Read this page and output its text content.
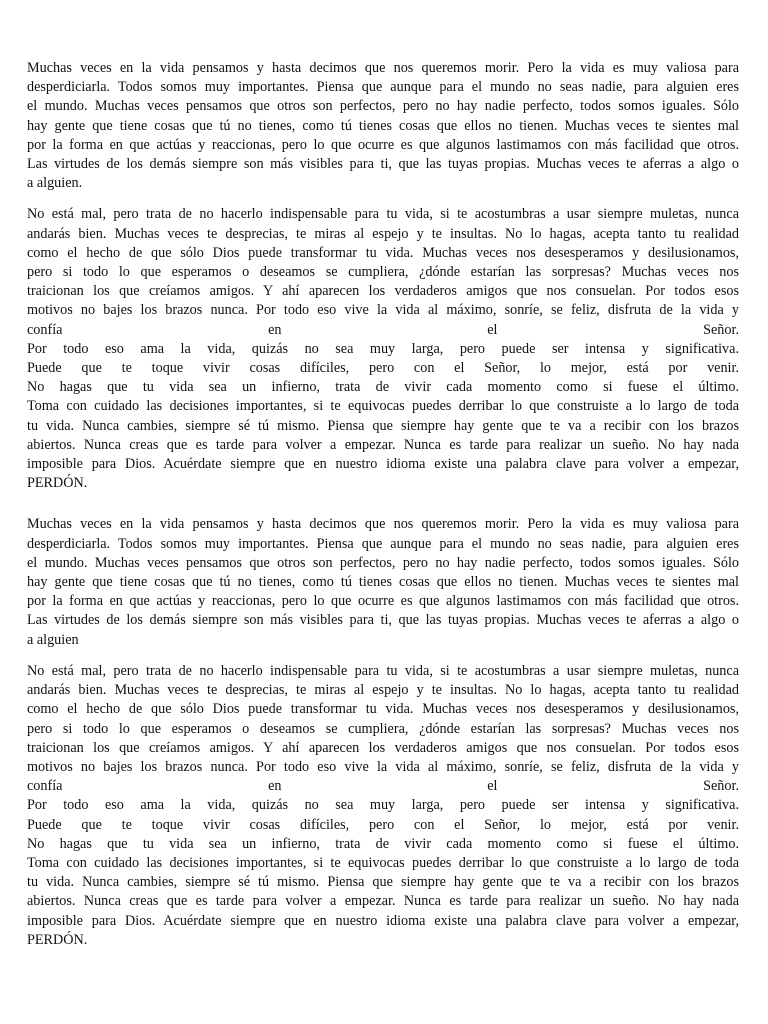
Muchas veces en la vida pensamos y hasta decimos que nos queremos morir. Pero la vida es muy valiosa para
desperdiciarla. Todos somos muy importantes. Piensa que aunque para el mundo no seas nadie, para alguien eres
el mundo. Muchas veces pensamos que otros son perfectos, pero no hay nadie perfecto, todos somos iguales. Sólo
hay gente que tiene cosas que tú no tienes, como tú tienes cosas que ellos no tienen. Muchas veces te sientes mal
por la forma en que actúas y reaccionas, pero lo que ocurre es que algunos lastimamos con más facilidad que otros.
Las virtudes de los demás siempre son más visibles para ti, que las tuyas propias. Muchas veces te aferras a algo o
a alguien.

No está mal, pero trata de no hacerlo indispensable para tu vida, si te acostumbras a usar siempre muletas, nunca
andarás bien. Muchas veces te desprecias, te miras al espejo y te insultas. No lo hagas, acepta tanto tu realidad
como el hecho de que sólo Dios puede transformar tu vida. Muchas veces nos desesperamos y desilusionamos,
pero si todo lo que esperamos o deseamos se cumpliera, ¿dónde estarían las sorpresas? Muchas veces nos
traicionan los que creíamos amigos. Y ahí aparecen los verdaderos amigos que nos consuelan. Por todos esos
motivos no bajes los brazos nunca. Por todo eso vive la vida al máximo, sonríe, se feliz, disfruta de la vida y
confía en el Señor.
Por todo eso ama la vida, quizás no sea muy larga, pero puede ser intensa y significativa.
Puede que te toque vivir cosas difíciles, pero con el Señor, lo mejor, está por venir.
No hagas que tu vida sea un infierno, trata de vivir cada momento como si fuese el último.
Toma con cuidado las decisiones importantes, si te equivocas puedes derribar lo que construiste a lo largo de toda
tu vida. Nunca cambies, siempre sé tú mismo. Piensa que siempre hay gente que te va a recibir con los brazos
abiertos. Nunca creas que es tarde para volver a empezar. Nunca es tarde para realizar un sueño. No hay nada
imposible para Dios. Acuérdate siempre que en nuestro idioma existe una palabra clave para volver a empezar,
PERDÓN.

Muchas veces en la vida pensamos y hasta decimos que nos queremos morir. Pero la vida es muy valiosa para
desperdiciarla. Todos somos muy importantes. Piensa que aunque para el mundo no seas nadie, para alguien eres
el mundo. Muchas veces pensamos que otros son perfectos, pero no hay nadie perfecto, todos somos iguales. Sólo
hay gente que tiene cosas que tú no tienes, como tú tienes cosas que ellos no tienen. Muchas veces te sientes mal
por la forma en que actúas y reaccionas, pero lo que ocurre es que algunos lastimamos con más facilidad que otros.
Las virtudes de los demás siempre son más visibles para ti, que las tuyas propias. Muchas veces te aferras a algo o
a alguien

No está mal, pero trata de no hacerlo indispensable para tu vida, si te acostumbras a usar siempre muletas, nunca
andarás bien. Muchas veces te desprecias, te miras al espejo y te insultas. No lo hagas, acepta tanto tu realidad
como el hecho de que sólo Dios puede transformar tu vida. Muchas veces nos desesperamos y desilusionamos,
pero si todo lo que esperamos o deseamos se cumpliera, ¿dónde estarían las sorpresas? Muchas veces nos
traicionan los que creíamos amigos. Y ahí aparecen los verdaderos amigos que nos consuelan. Por todos esos
motivos no bajes los brazos nunca. Por todo eso vive la vida al máximo, sonríe, se feliz, disfruta de la vida y
confía en el Señor.
Por todo eso ama la vida, quizás no sea muy larga, pero puede ser intensa y significativa.
Puede que te toque vivir cosas difíciles, pero con el Señor, lo mejor, está por venir.
No hagas que tu vida sea un infierno, trata de vivir cada momento como si fuese el último.
Toma con cuidado las decisiones importantes, si te equivocas puedes derribar lo que construiste a lo largo de toda
tu vida. Nunca cambies, siempre sé tú mismo. Piensa que siempre hay gente que te va a recibir con los brazos
abiertos. Nunca creas que es tarde para volver a empezar. Nunca es tarde para realizar un sueño. No hay nada
imposible para Dios. Acuérdate siempre que en nuestro idioma existe una palabra clave para volver a empezar,
PERDÓN.
